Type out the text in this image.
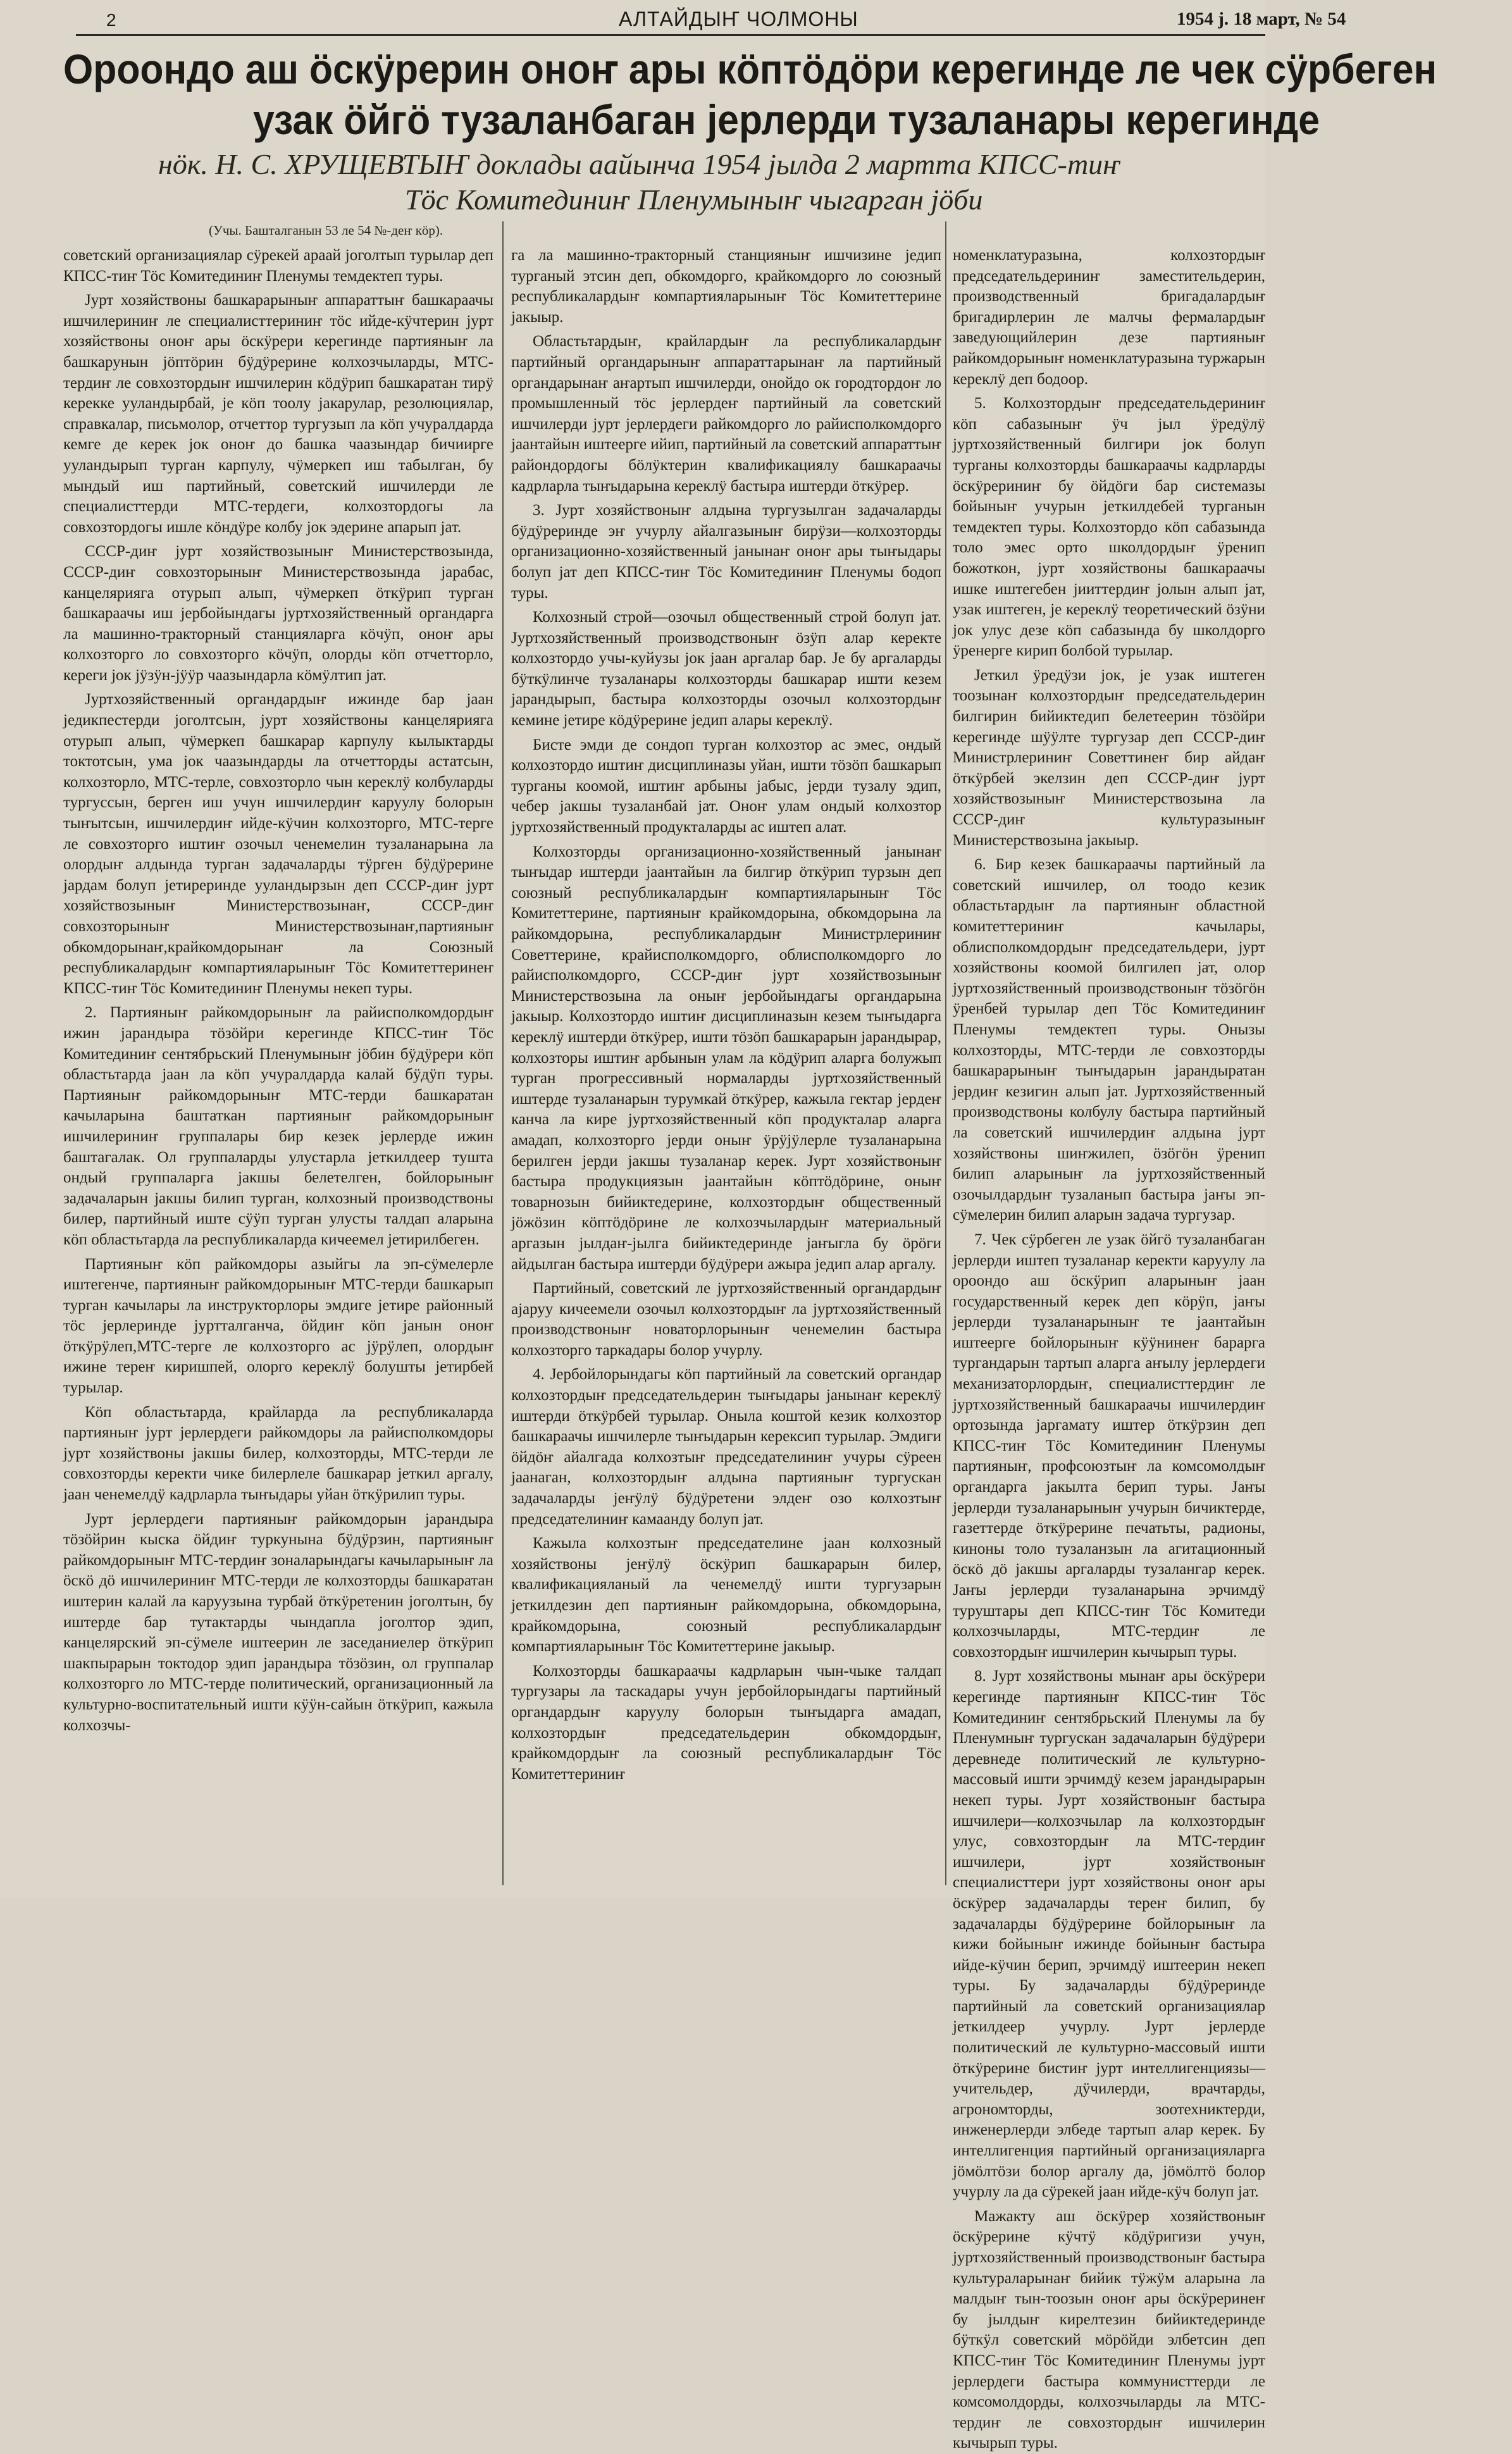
2	АЛТАЙДЫҤ ЧОЛМОНЫ	1954 ј. 18 март, № 54
Ороондо аш öскÿрерин оноҥ ары кöптöдöри керегинде ле чек сÿрбеген
узак öйгö тузаланбаган јерлерди тузаланары керегинде
нöк. Н. С. ХРУЩЕВТЫҤ доклады аайынча 1954 јылда 2 мартта КПСС-тиҥ
Тöс Комитединиҥ Пленумыныҥ чыгарган јöби
(Учы. Башталганын 53 ле 54 №-деҥ кöр).

советский организациялар сÿрекей араай јоголтып турылар деп КПСС-тиҥ Тöс Комитединиҥ Пленумы темдектеп туры.

Јурт хозяйствоны башкарарыныҥ аппараттыҥ башкараачы ишчилериниҥ ле специалисттериниҥ тöс ийде-кÿчтерин јурт хозяйствоны оноҥ ары öскÿрери керегинде партияныҥ ла башкарунын јöптöрин бÿдÿрерине колхозчыларды, МТС-тердиҥ ле совхозтордыҥ ишчилерин кöдÿрип башкаратан тирÿ керекке ууландырбай, је кöп тоолу јакарулар, резолюциялар, справкалар, письмолор, отчеттор тургузып ла кöп учуралдарда кемге де керек јок оноҥ до башка чаазындар бичиирге ууландырып турган карпулу, чÿмеркеп иш табылган, бу мындый иш партийный, советский ишчилерди ле специалисттерди МТС-тердеги, колхозтордогы ла совхозтордогы ишле кöндÿре колбу јок эдерине апарып јат.

СССР-диҥ јурт хозяйствозыныҥ Министерствозында, СССР-диҥ совхозторыныҥ Министерствозында јарабас, канцелярияга отурып алып, чÿмеркеп öткÿрип турган башкараачы иш јербойындагы јуртхозяйственный органдарга ла машинно-тракторный станцияларга кöчÿп, оноҥ ары колхозторго ло совхозторго кöчÿп, олорды кöп отчетторло, кереги јок јÿзÿн-јÿÿр чаазындарла кöмÿлтип јат.

Јуртхозяйственный органдардыҥ ижинде бар јаан једикпестерди јоголтсын, јурт хозяйствоны канцелярияга отурып алып, чÿмеркеп башкарар карпулу кылыктарды токтотсын, ума јок чаазындарды ла отчетторды астатсын, колхозторло, МТС-терле, совхозторло чын кереклÿ колбуларды тургуссын, берген иш учун ишчилердиҥ каруулу болорын тыҥытсын, ишчилердиҥ ийде-кÿчин колхозторго, МТС-терге ле совхозторго иштиҥ озочыл ченемелин тузаланарына ла олордыҥ алдында турган задачаларды тÿрген бÿдÿрерине јардам болуп јетиреринде ууландырзын деп СССР-диҥ јурт хозяйствозыныҥ Министерствозынаҥ, СССР-диҥ совхозторыныҥ Министерствозынаҥ,партияныҥ обкомдорынаҥ,крайкомдорынаҥ ла Союзный республикалардыҥ компартияларыныҥ Тöс Комитеттеринеҥ КПСС-тиҥ Тöс Комитединиҥ Пленумы некеп туры.

2. Партияныҥ райкомдорыныҥ ла райисполкомдордыҥ ижин јарандыра тöзöйри керегинде КПСС-тиҥ Тöс Комитединиҥ сентябрьский Пленумыныҥ јöбин бÿдÿрери кöп областьтарда јаан ла кöп учуралдарда калай бÿдÿп туры. Партияныҥ райкомдорыныҥ МТС-терди башкаратан качыларына баштаткан партияныҥ райкомдорыныҥ ишчилериниҥ группалары бир кезек јерлерде ижин баштагалак. Ол группаларды улустарла јеткилдеер тушта ондый группаларга јакшы белетелген, бойлорыныҥ задачаларын јакшы билип турган, колхозный производствоны билер, партийный иште сÿÿп турган улусты талдап аларына кöп областьтарда ла республикаларда кичеемел јетирилбеген.

Партияныҥ кöп райкомдоры азыйгы ла эп-сÿмелерле иштегенче, партияныҥ райкомдорыныҥ МТС-терди башкарып турган качылары ла инструкторлоры эмдиге јетире районный тöс јерлеринде јуртталганча, öйдиҥ кöп јанын оноҥ öткÿрÿлеп,МТС-терге ле колхозторго ас јÿрÿлеп, олордыҥ ижине тереҥ киришпей, олорго кереклÿ болушты јетирбей турылар.

Кöп областьтарда, крайларда ла республикаларда партияныҥ јурт јерлердеги райкомдоры ла райисполкомдоры јурт хозяйствоны јакшы билер, колхозторды, МТС-терди ле совхозторды керекти чике билерлеле башкарар јеткил аргалу, јаан ченемелдÿ кадрларла тыҥыдары уйан öткÿрилип туры.

Јурт јерлердеги партияныҥ райкомдорын јарандыра тöзöйрин кыска öйдиҥ туркунына бÿдÿрзин, партияныҥ райкомдорыныҥ МТС-тердиҥ зоналарындагы качыларыныҥ ла öскö дö ишчилериниҥ МТС-терди ле колхозторды башкаратан иштерин калай ла каруузына турбай öткÿретенин јоголтын, бу иштерде бар тутактарды чындапла јоголтор эдип, канцелярский эп-сÿмеле иштеерин ле заседаниелер öткÿрип шакпырарын токтодор эдип јарандыра тöзöзин, ол группалар колхозторго ло МТС-терде политический, организационный ла культурно-воспитательный ишти кÿÿн-сайын öткÿрип, кажыла колхозчы-

га ла машинно-тракторный станцияныҥ ишчизине једип турганый этсин деп, обкомдорго, крайкомдорго ло союзный республикалардыҥ компартияларыныҥ Тöс Комитеттерине јакыыр.

Областьтардыҥ, крайлардыҥ ла республикалардыҥ партийный органдарыныҥ аппараттарынаҥ ла партийный органдарынаҥ аҥартып ишчилерди, онойдо ок городтордоҥ ло промышленный тöс јерлердеҥ партийный ла советский ишчилерди јурт јерлердеги райкомдорго ло райисполкомдорго јаантайын иштеерге ийип, партийный ла советский аппараттыҥ райондордогы бöлÿктерин квалификациялу башкараачы кадрларла тыҥыдарына кереклÿ бастыра иштерди öткÿрер.

3. Јурт хозяйствоныҥ алдына тургузылган задачаларды бÿдÿреринде эҥ учурлу айалгазыныҥ бирÿзи—колхозторды организационно-хозяйственный јанынаҥ оноҥ ары тыҥыдары болуп јат деп КПСС-тиҥ Тöс Комитединиҥ Пленумы бодоп туры.

Колхозный строй—озочыл общественный строй болуп јат. Јуртхозяйственный производствоныҥ öзÿп алар керекте колхозтордо учы-куйузы јок јаан аргалар бар. Је бу аргаларды бÿткÿлинче тузаланары колхозторды башкарар ишти кезем јарандырып, бастыра колхозторды озочыл колхозтордыҥ кемине јетире кöдÿрерине једип алары кереклÿ.

Бисте эмди де сондоп турган колхозтор ас эмес, ондый колхозтордо иштиҥ дисциплиназы уйан, ишти тöзöп башкарып турганы коомой, иштиҥ арбыны јабыс, јерди тузалу эдип, чебер јакшы тузаланбай јат. Оноҥ улам ондый колхозтор јуртхозяйственный продукталарды ас иштеп алат.

Колхозторды организационно-хозяйственный јанынаҥ тыҥыдар иштерди јаантайын ла билгир öткÿрип турзын деп союзный республикалардыҥ компартияларыныҥ Тöс Комитеттерине, партияныҥ крайкомдорына, обкомдорына ла райкомдорына, республикалардыҥ Министрлериниҥ Советтерине, крайисполкомдорго, облисполкомдорго ло райисполкомдорго, СССР-диҥ јурт хозяйствозыныҥ Министерствозына ла оныҥ јербойындагы органдарына јакыыр. Колхозтордо иштиҥ дисциплиназын кезем тыҥыдарга кереклÿ иштерди öткÿрер, ишти тöзöп башкарарын јарандырар, колхозторы иштиҥ арбынын улам ла кöдÿрип аларга болужып турган прогрессивный нормаларды јуртхозяйственный иштерде тузаланарын турумкай öткÿрер, кажыла гектар јердеҥ канча ла кире јуртхозяйственный кöп продукталар аларга амадап, колхозторго јерди оныҥ ÿрÿјÿлерле тузаланарына берилген јерди јакшы тузаланар керек. Јурт хозяйствоныҥ бастыра продукциязын јаантайын кöптöдöрине, оныҥ товарнозын бийиктедерине, колхозтордыҥ общественный јöжöзин кöптöдöрине ле колхозчылардыҥ материальный аргазын јылдаҥ-јылга бийиктедеринде јаҥыгла бу öрöги айдылган бастыра иштерди бÿдÿрери ажыра једип алар аргалу.

Партийный, советский ле јуртхозяйственный органдардыҥ ајаруу кичеемели озочыл колхозтордыҥ ла јуртхозяйственный производствоныҥ новаторлорыныҥ ченемелин бастыра колхозторго таркадары болор учурлу.

4. Јербойлорындагы кöп партийный ла советский органдар колхозтордыҥ председательдерин тыҥыдары јанынаҥ кереклÿ иштерди öткÿрбей турылар. Оныла коштой кезик колхозтор башкараачы ишчилерле тыҥыдарын керексип турылар. Эмдиги öйдöҥ айалгада колхозтыҥ председателиниҥ учуры сÿреен јаанаган, колхозтордыҥ алдына партияныҥ тургускан задачаларды јеҥÿлÿ бÿдÿретени элдеҥ озо колхозтыҥ председателиниҥ камаанду болуп јат.

Кажыла колхозтыҥ председателине јаан колхозный хозяйствоны јеҥÿлÿ öскÿрип башкарарын билер, квалификацияланый ла ченемелдÿ ишти тургузарын јеткилдезин деп партияныҥ райкомдорына, обкомдорына, крайкомдорына, союзный республикалардыҥ компартияларыныҥ Тöс Комитеттерине јакыыр.

Колхозторды башкараачы кадрларын чын-чыке талдап тургузары ла таскадары учун јербойлорындагы партийный органдардыҥ каруулу болорын тыҥыдарга амадап, колхозтордыҥ председательдерин обкомдордыҥ, крайкомдордыҥ ла союзный республикалардыҥ Тöс Комитеттериниҥ

номенклатуразына, колхозтордыҥ председательдериниҥ заместительдерин, производственный бригадалардыҥ бригадирлерин ле малчы фермалардыҥ заведующийлерин дезе партияныҥ райкомдорыныҥ номенклатуразына туржарын кереклÿ деп бодоор.

5. Колхозтордыҥ председательдериниҥ кöп сабазыныҥ ÿч јыл ÿредÿлÿ јуртхозяйственный билгири јок болуп турганы колхозторды башкараачы кадрларды öскÿрериниҥ бу öйдöги бар системазы бойыныҥ учурын јеткилдебей турганын темдектеп туры. Колхозтордо кöп сабазында толо эмес орто школдордыҥ ÿренип божоткон, јурт хозяйствоны башкараачы ишке иштегебен јииттердиҥ јолын алып јат, узак иштеген, је кереклÿ теоретический öзÿни јок улус дезе кöп сабазында бу школдорго ÿренерге кирип болбой турылар.

Јеткил ÿредÿзи јок, је узак иштеген тоозынаҥ колхозтордыҥ председательдерин билгирин бийиктедип белетеерин тöзöйри керегинде шÿÿлте тургузар деп СССР-диҥ Министрлериниҥ Советтинеҥ бир айдаҥ öткÿрбей экелзин деп СССР-диҥ јурт хозяйствозыныҥ Министерствозына ла СССР-диҥ культуразыныҥ Министерствозына јакыыр.

6. Бир кезек башкараачы партийный ла советский ишчилер, ол тоодо кезик областьтардыҥ ла партияныҥ областной комитеттериниҥ качылары, облисполкомдордыҥ председательдери, јурт хозяйствоны коомой билгилеп јат, олор јуртхозяйственный производствоныҥ тöзöгöн ÿренбей турылар деп Тöс Комитединиҥ Пленумы темдектеп туры. Онызы колхозторды, МТС-терди ле совхозторды башкарарыныҥ тыҥыдарын јарандыратан јердиҥ кезигин алып јат. Јуртхозяйственный производствоны колбулу бастыра партийный ла советский ишчилердиҥ алдына јурт хозяйствоны шиҥжилеп, öзöгöн ÿренип билип аларыныҥ ла јуртхозяйственный озочылдардыҥ тузаланып бастыра јаҥы эп-сÿмелерин билип аларын задача тургузар.

7. Чек сÿрбеген ле узак öйгö тузаланбаган јерлерди иштеп тузаланар керекти каруулу ла ороондо аш öскÿрип аларыныҥ јаан государственный керек деп кöрÿп, јаҥы јерлерди тузаланарыныҥ те јаантайын иштеерге бойлорыныҥ кÿÿнинеҥ барарга тургандарын тартып аларга аҥылу јерлердеги механизаторлордыҥ, специалисттердиҥ ле јуртхозяйственный башкараачы ишчилердиҥ ортозында јаргамату иштер öткÿрзин деп КПСС-тиҥ Тöс Комитединиҥ Пленумы партияныҥ, профсоюзтыҥ ла комсомолдыҥ органдарга јакылта берип туры. Јаҥы јерлерди тузаланарыныҥ учурын бичиктерде, газеттерде öткÿрерине печатьты, радионы, киноны толо тузаланзын ла агитационный öскö дö јакшы аргаларды тузалангар керек. Јаҥы јерлерди тузаланарына эрчимдÿ туруштары деп КПСС-тиҥ Тöс Комитеди колхозчыларды, МТС-тердиҥ ле совхозтордыҥ ишчилерин кычырып туры.

8. Јурт хозяйствоны мынаҥ ары öскÿрери керегинде партияныҥ КПСС-тиҥ Тöс Комитединиҥ сентябрьский Пленумы ла бу Пленумныҥ тургускан задачаларын бÿдÿрери деревнеде политический ле культурно-массовый ишти эрчимдÿ кезем јарандырарын некеп туры. Јурт хозяйствоныҥ бастыра ишчилери—колхозчылар ла колхозтордыҥ улус, совхозтордыҥ ла МТС-тердиҥ ишчилери, јурт хозяйствоныҥ специалисттери јурт хозяйствоны оноҥ ары öскÿрер задачаларды тереҥ билип, бу задачаларды бÿдÿрерине бойлорыныҥ ла кижи бойыныҥ ижинде бойыныҥ бастыра ийде-кÿчин берип, эрчимдÿ иштеерин некеп туры. Бу задачаларды бÿдÿреринде партийный ла советский организациялар јеткилдеер учурлу. Јурт јерлерде политический ле культурно-массовый ишти öткÿрерине бистиҥ јурт интеллигенциязы—учительдер, дÿчилерди, врачтарды, агрономторды, зоотехниктерди, инженерлерди элбеде тартып алар керек. Бу интеллигенция партийный организацияларга јöмöлтöзи болор аргалу да, јöмöлтö болор учурлу ла да сÿрекей јаан ийде-кÿч болуп јат.

Мажакту аш öскÿрер хозяйствоныҥ öскÿрерине кÿчтÿ кöдÿригизи учун, јуртхозяйственный производствоныҥ бастыра культураларынаҥ бийик тÿжÿм аларына ла малдыҥ тын-тоозын оноҥ ары öскÿреринеҥ бу јылдыҥ кирелтезин бийиктедеринде бÿткÿл советский мöрöйди элбетсин деп КПСС-тиҥ Тöс Комитединиҥ Пленумы јурт јерлердеги бастыра коммунисттерди ле комсомолдорды, колхозчыларды ла МТС-тердиҥ ле совхозтордыҥ ишчилерин кычырып туры.
